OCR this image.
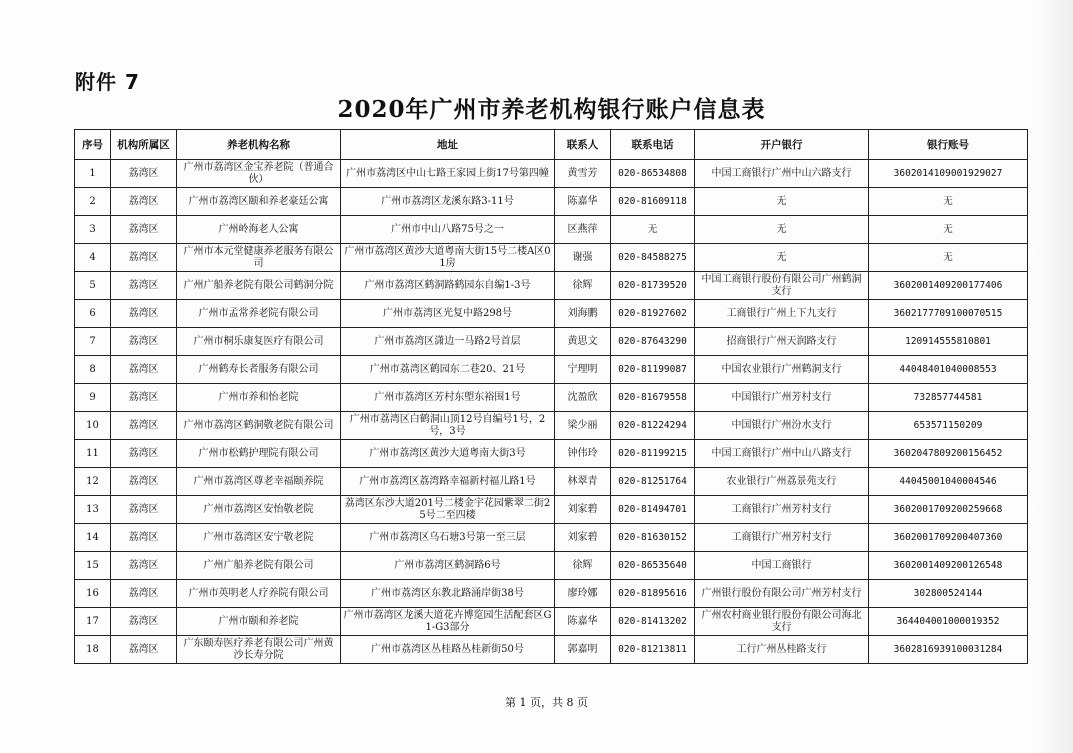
附件 7
2020年广州市养老机构银行账户信息表
序号	机构所属区	养老机构名称	地址	联系人	联系电话	开户银行	银行账号
1	荔湾区	广州市荔湾区金宝养老院（普通合伙）	广州市荔湾区中山七路王家园上街17号第四幢	黄雪芳	020-86534808	中国工商银行广州中山六路支行	3602014109001929027
2	荔湾区	广州市荔湾区颐和养老豪廷公寓	广州市荔湾区龙溪东路3-11号	陈嘉华	020-81609118	无	无
3	荔湾区	广州岭海老人公寓	广州市中山八路75号之一	区燕萍	无	无	无
4	荔湾区	广州市本元堂健康养老服务有限公司	广州市荔湾区黄沙大道粤南大街15号二楼A区01房	谢强	020-84588275	无	无
5	荔湾区	广州广船养老院有限公司鹤洞分院	广州市荔湾区鹤洞路鹤园东自编1-3号	徐辉	020-81739520	中国工商银行股份有限公司广州鹤洞支行	3602001409200177406
6	荔湾区	广州市孟常养老院有限公司	广州市荔湾区光复中路298号	刘海鹏	020-81927602	工商银行广州上下九支行	3602177709100070515
7	荔湾区	广州市桐乐康复医疗有限公司	广州市荔湾区潇边一马路2号首层	黄思文	020-87643290	招商银行广州天润路支行	120914555810801
8	荔湾区	广州鹤寿长者服务有限公司	广州市荔湾区鹤园东二巷20、21号	宁理明	020-81199087	中国农业银行广州鹤洞支行	44048401040008553
9	荔湾区	广州市养和怡老院	广州市荔湾区芳村东塱东裕围1号	沈盈欣	020-81679558	中国银行广州芳村支行	732857744581
10	荔湾区	广州市荔湾区鹤洞敬老院有限公司	广州市荔湾区白鹤洞山顶12号自编号1号，2号，3号	梁少丽	020-81224294	中国银行广州汾水支行	653571150209
11	荔湾区	广州市松鹤护理院有限公司	广州市荔湾区黄沙大道粤南大街3号	钟伟玲	020-81199215	中国工商银行广州中山八路支行	3602047809200156452
12	荔湾区	广州市荔湾区尊老幸福颐养院	广州市荔湾区荔湾路幸福新村福儿路1号	林翠青	020-81251764	农业银行广州荔景苑支行	44045001040004546
13	荔湾区	广州市荔湾区安怡敬老院	荔湾区东沙大道201号二楼金宇花园紫翠二街25号二至四楼	刘家碧	020-81494701	工商银行广州芳村支行	3602001709200259668
14	荔湾区	广州市荔湾区安宁敬老院	广州市荔湾区乌石塘3号第一至三层	刘家碧	020-81630152	工商银行广州芳村支行	3602001709200407360
15	荔湾区	广州广船养老院有限公司	广州市荔湾区鹤洞路6号	徐辉	020-86535640	中国工商银行	3602001409200126548
16	荔湾区	广州市英明老人疗养院有限公司	广州市荔湾区东教北路涌岸街38号	廖玲娜	020-81895616	广州银行股份有限公司广州芳村支行	302800524144
17	荔湾区	广州市颐和养老院	广州市荔湾区龙溪大道花卉博览园生活配套区G1-G3部分	陈嘉华	020-81413202	广州农村商业银行股份有限公司海北支行	364404001000019352
18	荔湾区	广东颐寿医疗养老有限公司广州黄沙长寿分院	广州市荔湾区丛桂路丛桂新街50号	郭嘉明	020-81213811	工行广州丛桂路支行	3602816939100031284
第 1 页，共 8 页
